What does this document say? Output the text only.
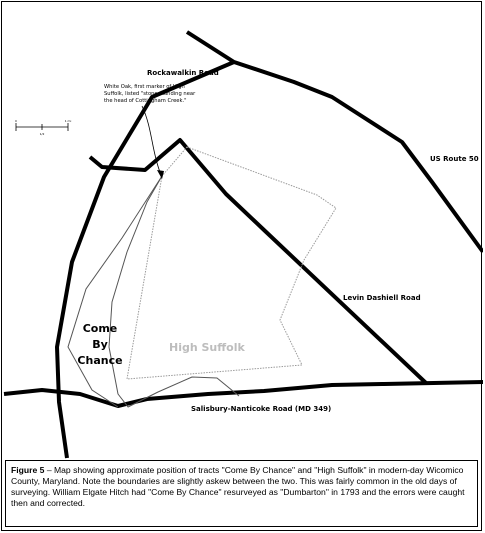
0
1/2
1 mi
Rockawalkin Road
US Route 50
Levin Dashiell Road
Salisbury-Nanticoke Road (MD 349)
White Oak, first marker of High
Suffolk, listed "stone standing near
the head of Cottingham Creek."
Come
By
Chance
High Suffolk
Figure 5 – Map showing approximate position of tracts "Come By Chance" and "High Suffolk" in modern-day Wicomico County, Maryland. Note the boundaries are slightly askew between the two. This was fairly common in the old days of surveying. William Elgate Hitch had "Come By Chance" resurveyed as "Dumbarton" in 1793 and the errors were caught then and corrected.
